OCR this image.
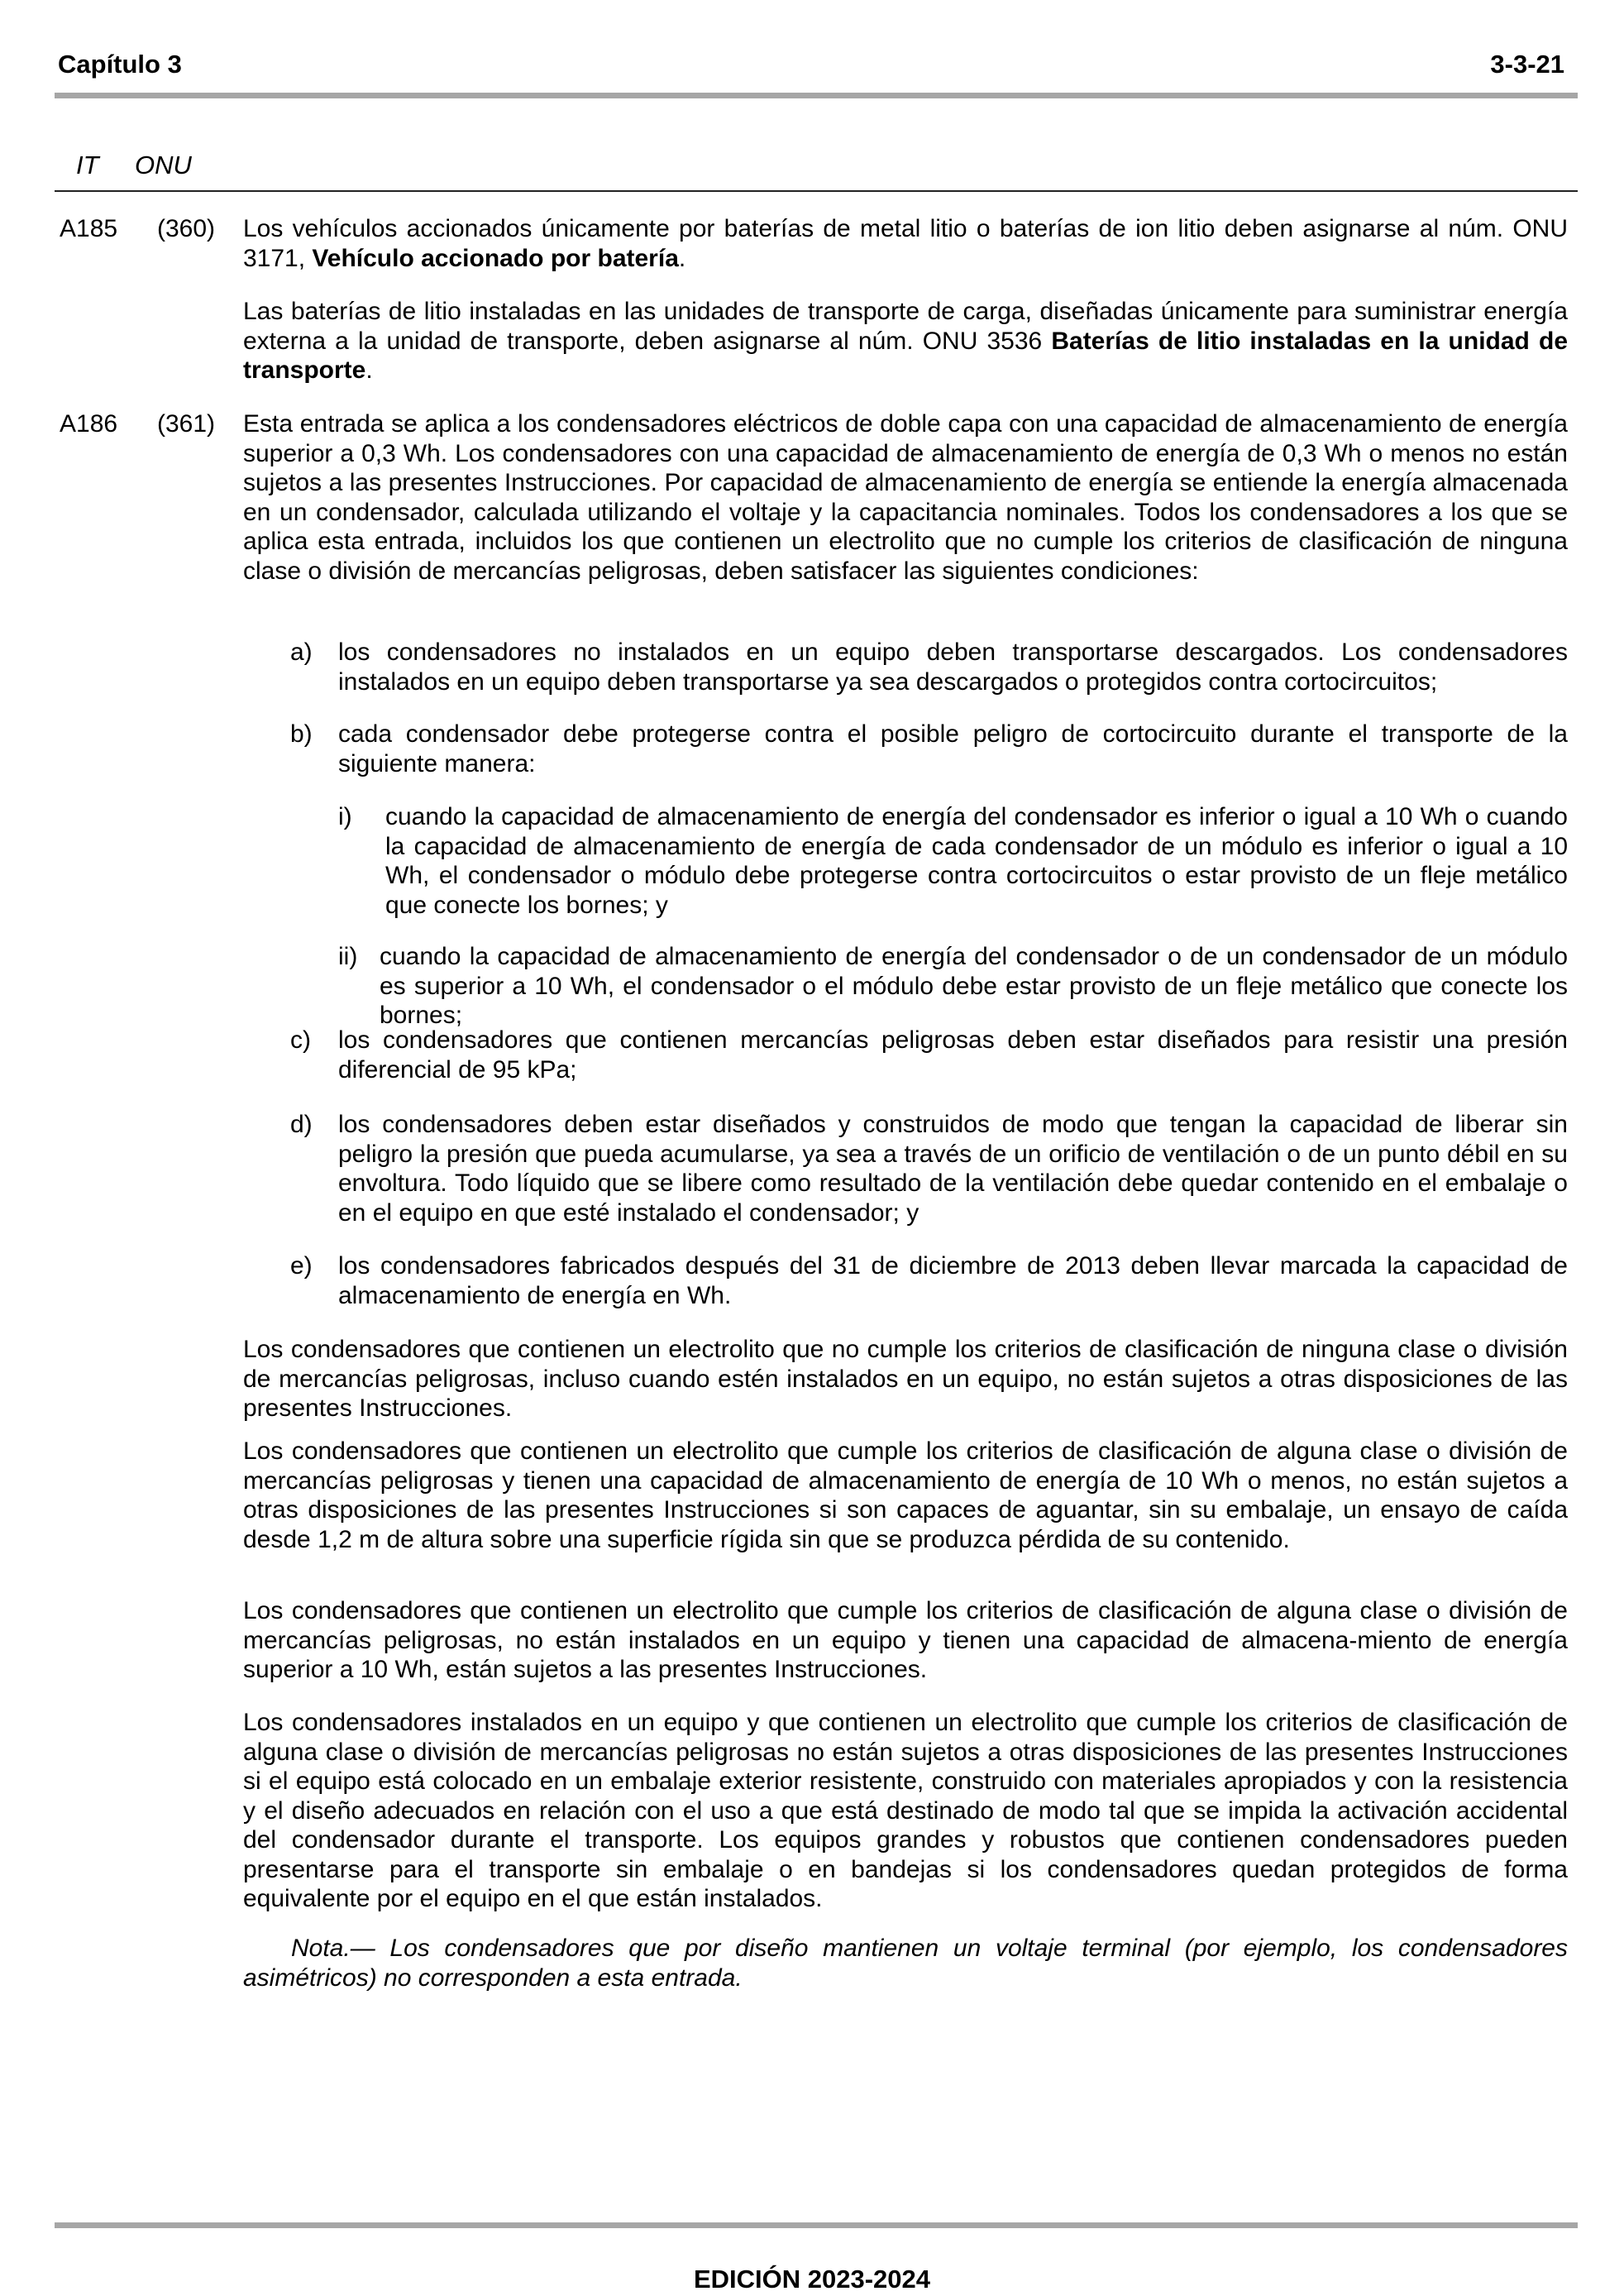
Capítulo 3	3-3-21
IT ONU
A185 (360) Los vehículos accionados únicamente por baterías de metal litio o baterías de ion litio deben asignarse al núm. ONU 3171, Vehículo accionado por batería.
Las baterías de litio instaladas en las unidades de transporte de carga, diseñadas únicamente para suministrar energía externa a la unidad de transporte, deben asignarse al núm. ONU 3536 Baterías de litio instaladas en la unidad de transporte.
A186 (361) Esta entrada se aplica a los condensadores eléctricos de doble capa con una capacidad de almacenamiento de energía superior a 0,3 Wh. Los condensadores con una capacidad de almacenamiento de energía de 0,3 Wh o menos no están sujetos a las presentes Instrucciones. Por capacidad de almacenamiento de energía se entiende la energía almacenada en un condensador, calculada utilizando el voltaje y la capacitancia nominales. Todos los condensadores a los que se aplica esta entrada, incluidos los que contienen un electrolito que no cumple los criterios de clasificación de ninguna clase o división de mercancías peligrosas, deben satisfacer las siguientes condiciones:
a) los condensadores no instalados en un equipo deben transportarse descargados. Los condensadores instalados en un equipo deben transportarse ya sea descargados o protegidos contra cortocircuitos;
b) cada condensador debe protegerse contra el posible peligro de cortocircuito durante el transporte de la siguiente manera:
i) cuando la capacidad de almacenamiento de energía del condensador es inferior o igual a 10 Wh o cuando la capacidad de almacenamiento de energía de cada condensador de un módulo es inferior o igual a 10 Wh, el condensador o módulo debe protegerse contra cortocircuitos o estar provisto de un fleje metálico que conecte los bornes; y
ii) cuando la capacidad de almacenamiento de energía del condensador o de un condensador de un módulo es superior a 10 Wh, el condensador o el módulo debe estar provisto de un fleje metálico que conecte los bornes;
c) los condensadores que contienen mercancías peligrosas deben estar diseñados para resistir una presión diferencial de 95 kPa;
d) los condensadores deben estar diseñados y construidos de modo que tengan la capacidad de liberar sin peligro la presión que pueda acumularse, ya sea a través de un orificio de ventilación o de un punto débil en su envoltura. Todo líquido que se libere como resultado de la ventilación debe quedar contenido en el embalaje o en el equipo en que esté instalado el condensador; y
e) los condensadores fabricados después del 31 de diciembre de 2013 deben llevar marcada la capacidad de almacenamiento de energía en Wh.
Los condensadores que contienen un electrolito que no cumple los criterios de clasificación de ninguna clase o división de mercancías peligrosas, incluso cuando estén instalados en un equipo, no están sujetos a otras disposiciones de las presentes Instrucciones.
Los condensadores que contienen un electrolito que cumple los criterios de clasificación de alguna clase o división de mercancías peligrosas y tienen una capacidad de almacenamiento de energía de 10 Wh o menos, no están sujetos a otras disposiciones de las presentes Instrucciones si son capaces de aguantar, sin su embalaje, un ensayo de caída desde 1,2 m de altura sobre una superficie rígida sin que se produzca pérdida de su contenido.
Los condensadores que contienen un electrolito que cumple los criterios de clasificación de alguna clase o división de mercancías peligrosas, no están instalados en un equipo y tienen una capacidad de almacena-miento de energía superior a 10 Wh, están sujetos a las presentes Instrucciones.
Los condensadores instalados en un equipo y que contienen un electrolito que cumple los criterios de clasificación de alguna clase o división de mercancías peligrosas no están sujetos a otras disposiciones de las presentes Instrucciones si el equipo está colocado en un embalaje exterior resistente, construido con materiales apropiados y con la resistencia y el diseño adecuados en relación con el uso a que está destinado de modo tal que se impida la activación accidental del condensador durante el transporte. Los equipos grandes y robustos que contienen condensadores pueden presentarse para el transporte sin embalaje o en bandejas si los condensadores quedan protegidos de forma equivalente por el equipo en el que están instalados.
Nota.— Los condensadores que por diseño mantienen un voltaje terminal (por ejemplo, los condensadores asimétricos) no corresponden a esta entrada.
EDICIÓN 2023-2024
